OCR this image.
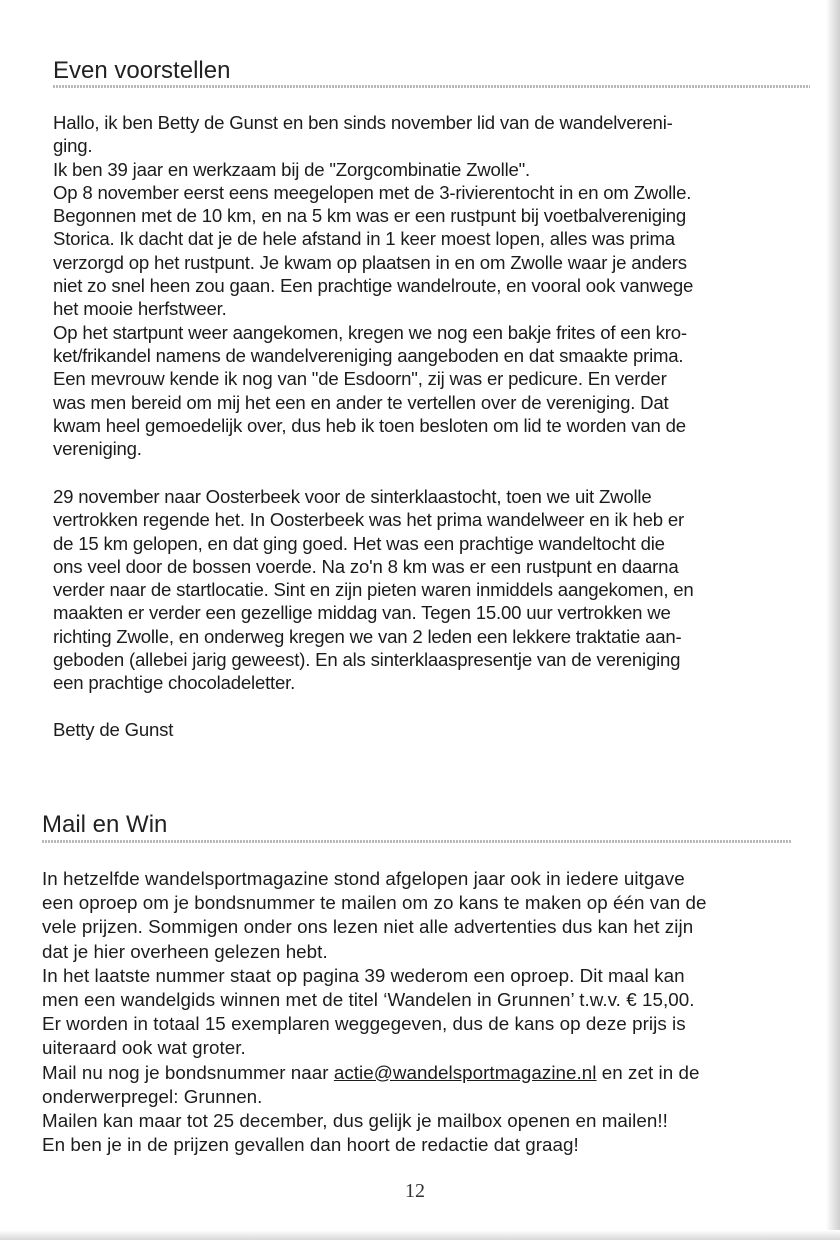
Even voorstellen

Hallo, ik ben Betty de Gunst en ben sinds november lid van de wandelvereni-
ging.
Ik ben 39 jaar en werkzaam bij de "Zorgcombinatie Zwolle".
Op 8 november eerst eens meegelopen met de 3-rivierentocht in en om Zwolle.
Begonnen met de 10 km, en na 5 km was er een rustpunt bij voetbalvereniging
Storica. Ik dacht dat je de hele afstand in 1 keer moest lopen, alles was prima
verzorgd op het rustpunt. Je kwam op plaatsen in en om Zwolle waar je anders
niet zo snel heen zou gaan. Een prachtige wandelroute, en vooral ook vanwege
het mooie herfstweer.
Op het startpunt weer aangekomen, kregen we nog een bakje frites of een kro-
ket/frikandel namens de wandelvereniging aangeboden en dat smaakte prima.
Een mevrouw kende ik nog van "de Esdoorn", zij was er pedicure. En verder
was men bereid om mij het een en ander te vertellen over de vereniging. Dat
kwam heel gemoedelijk over, dus heb ik toen besloten om lid te worden van de
vereniging.

29 november naar Oosterbeek voor de sinterklaastocht, toen we uit Zwolle
vertrokken regende het. In Oosterbeek was het prima wandelweer en ik heb er
de 15 km gelopen, en dat ging goed. Het was een prachtige wandeltocht die
ons veel door de bossen voerde. Na zo'n 8 km was er een rustpunt en daarna
verder naar de startlocatie. Sint en zijn pieten waren inmiddels aangekomen, en
maakten er verder een gezellige middag van. Tegen 15.00 uur vertrokken we
richting Zwolle, en onderweg kregen we van 2 leden een lekkere traktatie aan-
geboden (allebei jarig geweest). En als sinterklaaspresentje van de vereniging
een prachtige chocoladeletter.

Betty de Gunst

Mail en Win

In hetzelfde wandelsportmagazine stond afgelopen jaar ook in iedere uitgave
een oproep om je bondsnummer te mailen om zo kans te maken op één van de
vele prijzen. Sommigen onder ons lezen niet alle advertenties dus kan het zijn
dat je hier overheen gelezen hebt.
In het laatste nummer staat op pagina 39 wederom een oproep. Dit maal kan
men een wandelgids winnen met de titel ‘Wandelen in Grunnen’ t.w.v. € 15,00.
Er worden in totaal 15 exemplaren weggegeven, dus de kans op deze prijs is
uiteraard ook wat groter.
Mail nu nog je bondsnummer naar actie@wandelsportmagazine.nl en zet in de
onderwerpregel: Grunnen.
Mailen kan maar tot 25 december, dus gelijk je mailbox openen en mailen!!
En ben je in de prijzen gevallen dan hoort de redactie dat graag!

12
